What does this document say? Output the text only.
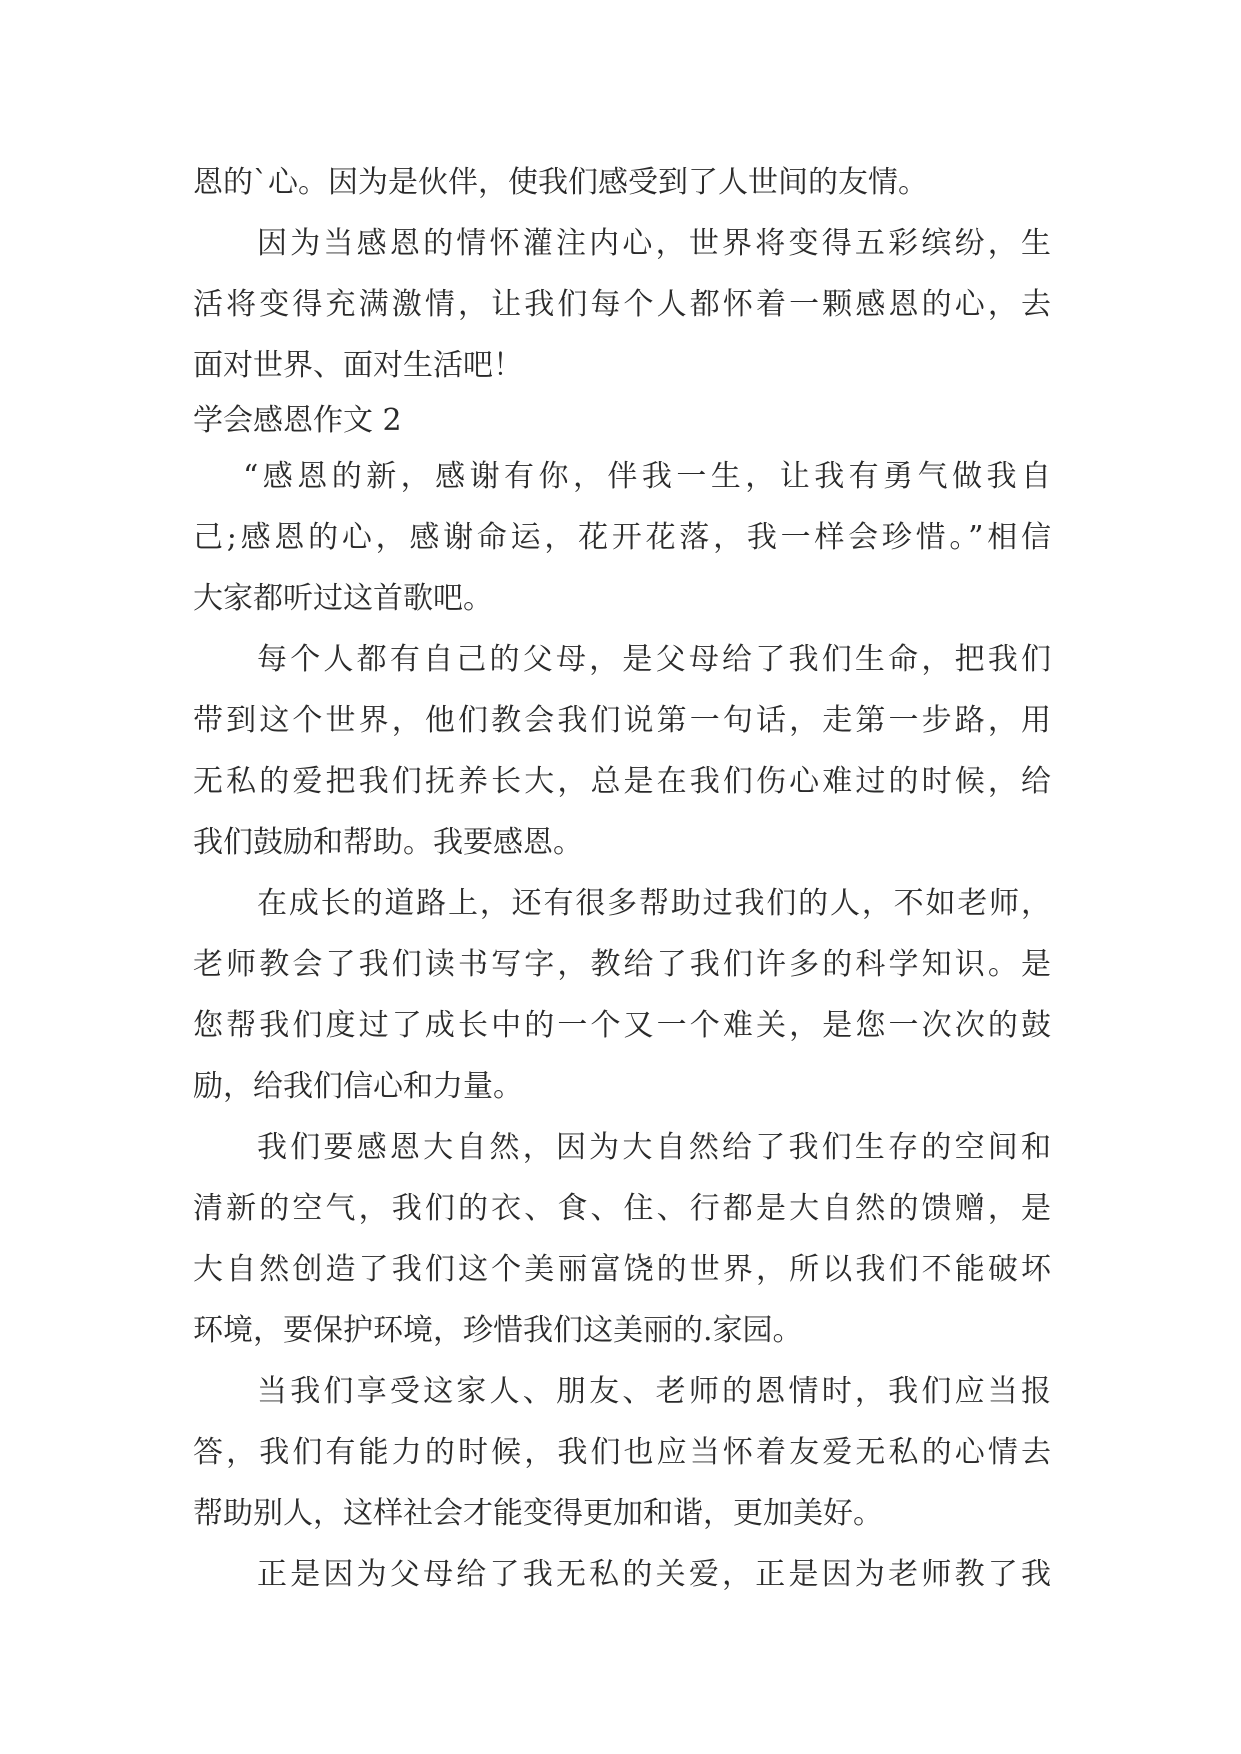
恩的`心。因为是伙伴，使我们感受到了人世间的友情。
因为当感恩的情怀灌注内心，世界将变得五彩缤纷，生
活将变得充满激情，让我们每个人都怀着一颗感恩的心，去
面对世界、面对生活吧！
学会感恩作文 2
“感恩的新，感谢有你，伴我一生，让我有勇气做我自
己;感恩的心，感谢命运，花开花落，我一样会珍惜。”相信
大家都听过这首歌吧。
每个人都有自己的父母，是父母给了我们生命，把我们
带到这个世界，他们教会我们说第一句话，走第一步路，用
无私的爱把我们抚养长大，总是在我们伤心难过的时候，给
我们鼓励和帮助。我要感恩。
在成长的道路上，还有很多帮助过我们的人，不如老师，
老师教会了我们读书写字，教给了我们许多的科学知识。是
您帮我们度过了成长中的一个又一个难关，是您一次次的鼓
励，给我们信心和力量。
我们要感恩大自然，因为大自然给了我们生存的空间和
清新的空气，我们的衣、食、住、行都是大自然的馈赠，是
大自然创造了我们这个美丽富饶的世界，所以我们不能破坏
环境，要保护环境，珍惜我们这美丽的.家园。
当我们享受这家人、朋友、老师的恩情时，我们应当报
答，我们有能力的时候，我们也应当怀着友爱无私的心情去
帮助别人，这样社会才能变得更加和谐，更加美好。
正是因为父母给了我无私的关爱，正是因为老师教了我
